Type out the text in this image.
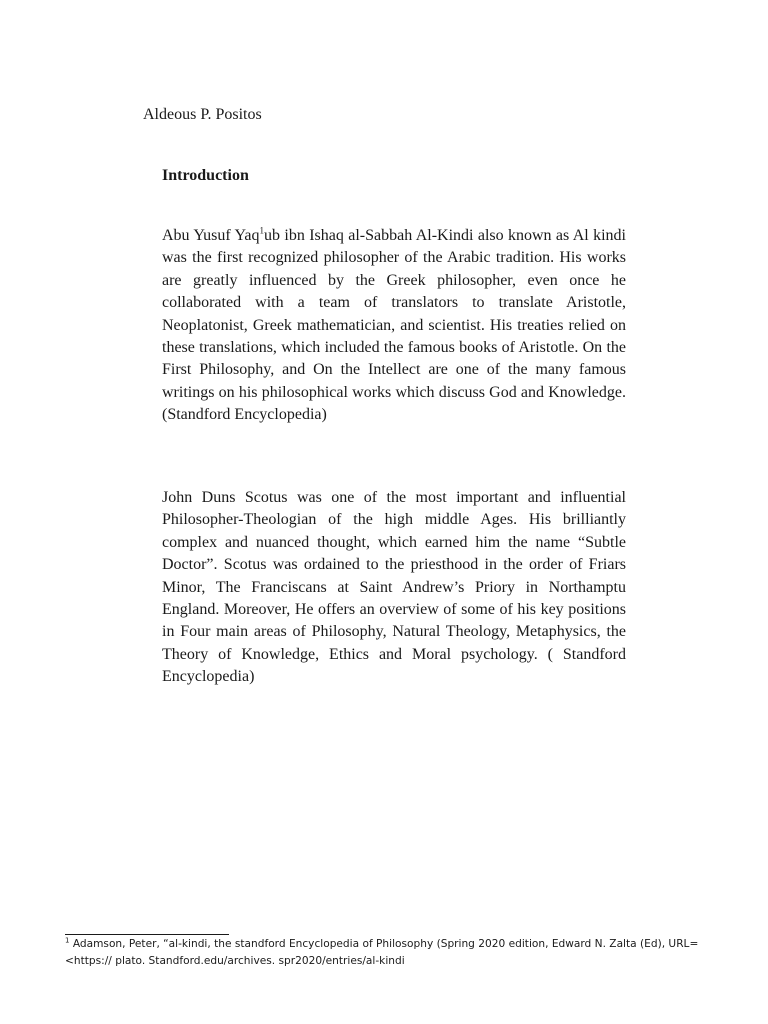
Aldeous P. Positos
Introduction
Abu Yusuf Yaq$^1$ub ibn Ishaq al-Sabbah Al-Kindi also known as Al kindi was the first recognized philosopher of the Arabic tradition. His works are greatly influenced by the Greek philosopher, even once he collaborated with a team of translators to translate Aristotle, Neoplatonist, Greek mathematician, and scientist. His treaties relied on these translations, which included the famous books of Aristotle. On the First Philosophy, and On the Intellect are one of the many famous writings on his philosophical works which discuss God and Knowledge. (Standford Encyclopedia)
John Duns Scotus was one of the most important and influential Philosopher-Theologian of the high middle Ages. His brilliantly complex and nuanced thought, which earned him the name “Subtle Doctor”. Scotus was ordained to the priesthood in the order of Friars Minor, The Franciscans at Saint Andrew’s Priory in Northamptu England. Moreover, He offers an overview of some of his key positions in Four main areas of Philosophy, Natural Theology, Metaphysics, the Theory of Knowledge, Ethics and Moral psychology. ( Standford Encyclopedia)
$^1$ Adamson, Peter, “al-kindi, the standford Encyclopedia of Philosophy (Spring 2020 edition, Edward N. Zalta (Ed), URL=
<https:// plato. Standford.edu/archives. spr2020/entries/al-kindi
